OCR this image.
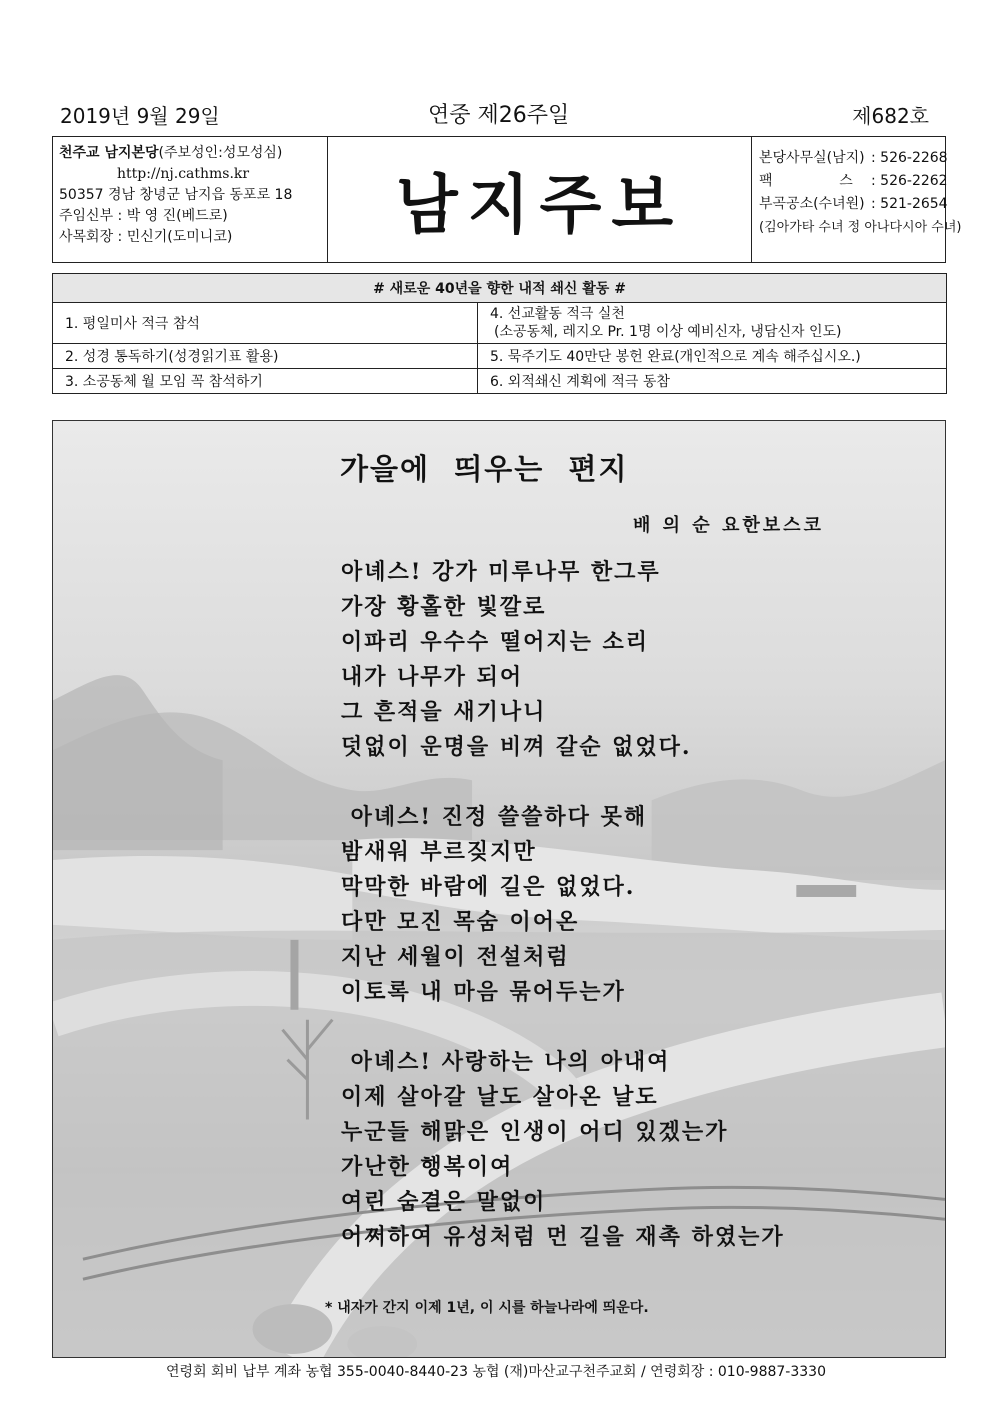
2019년 9월 29일	연중 제26주일	제682호
천주교 남지본당(주보성인:성모성심)
http://nj.cathms.kr
50357 경남 창녕군 남지읍 동포로 18
주임신부 : 박 영 진(베드로)
사목회장 : 민신기(도미니코)	남지주보
본당사무실(남지) : 526-2268
팩               스 : 526-2262
부곡공소(수녀원) : 521-2654
(김아가타 수녀 정 아나다시아 수녀)
# 새로운 40년을 향한 내적 쇄신 활동 #	
1. 평일미사 적극 참석	4. 선교활동 적극 실천
(소공동체, 레지오 Pr. 1명 이상 예비신자, 냉담신자 인도)

2. 성경 통독하기(성경읽기표 활용)	5. 묵주기도 40만단 봉헌 완료(개인적으로 계속 해주십시오.)
3. 소공동체 월 모임 꼭 참석하기	6. 외적쇄신 계획에 적극 동참
가을에  띄우는  편지
배 의 순 요한보스코
아녜스! 강가 미루나무 한그루
가장 황홀한 빛깔로
이파리 우수수 떨어지는 소리
내가 나무가 되어
그 흔적을 새기나니
덧없이 운명을 비껴 갈순 없었다.
아녜스! 진정 쓸쓸하다 못해
밤새워 부르짖지만
막막한 바람에 길은 없었다.
다만 모진 목숨 이어온
지난 세월이 전설처럼
이토록 내 마음 묶어두는가
아녜스! 사랑하는 나의 아내여
이제 살아갈 날도 살아온 날도
누군들 해맑은 인생이 어디 있겠는가
가난한 행복이여
여린 숨결은 말없이
어쩌하여 유성처럼 먼 길을 재촉 하였는가
* 내자가 간지 이제 1년, 이 시를 하늘나라에 띄운다.
연령회 회비 납부 계좌 농협 355-0040-8440-23 농협 (재)마산교구천주교회 / 연령회장 : 010-9887-3330
